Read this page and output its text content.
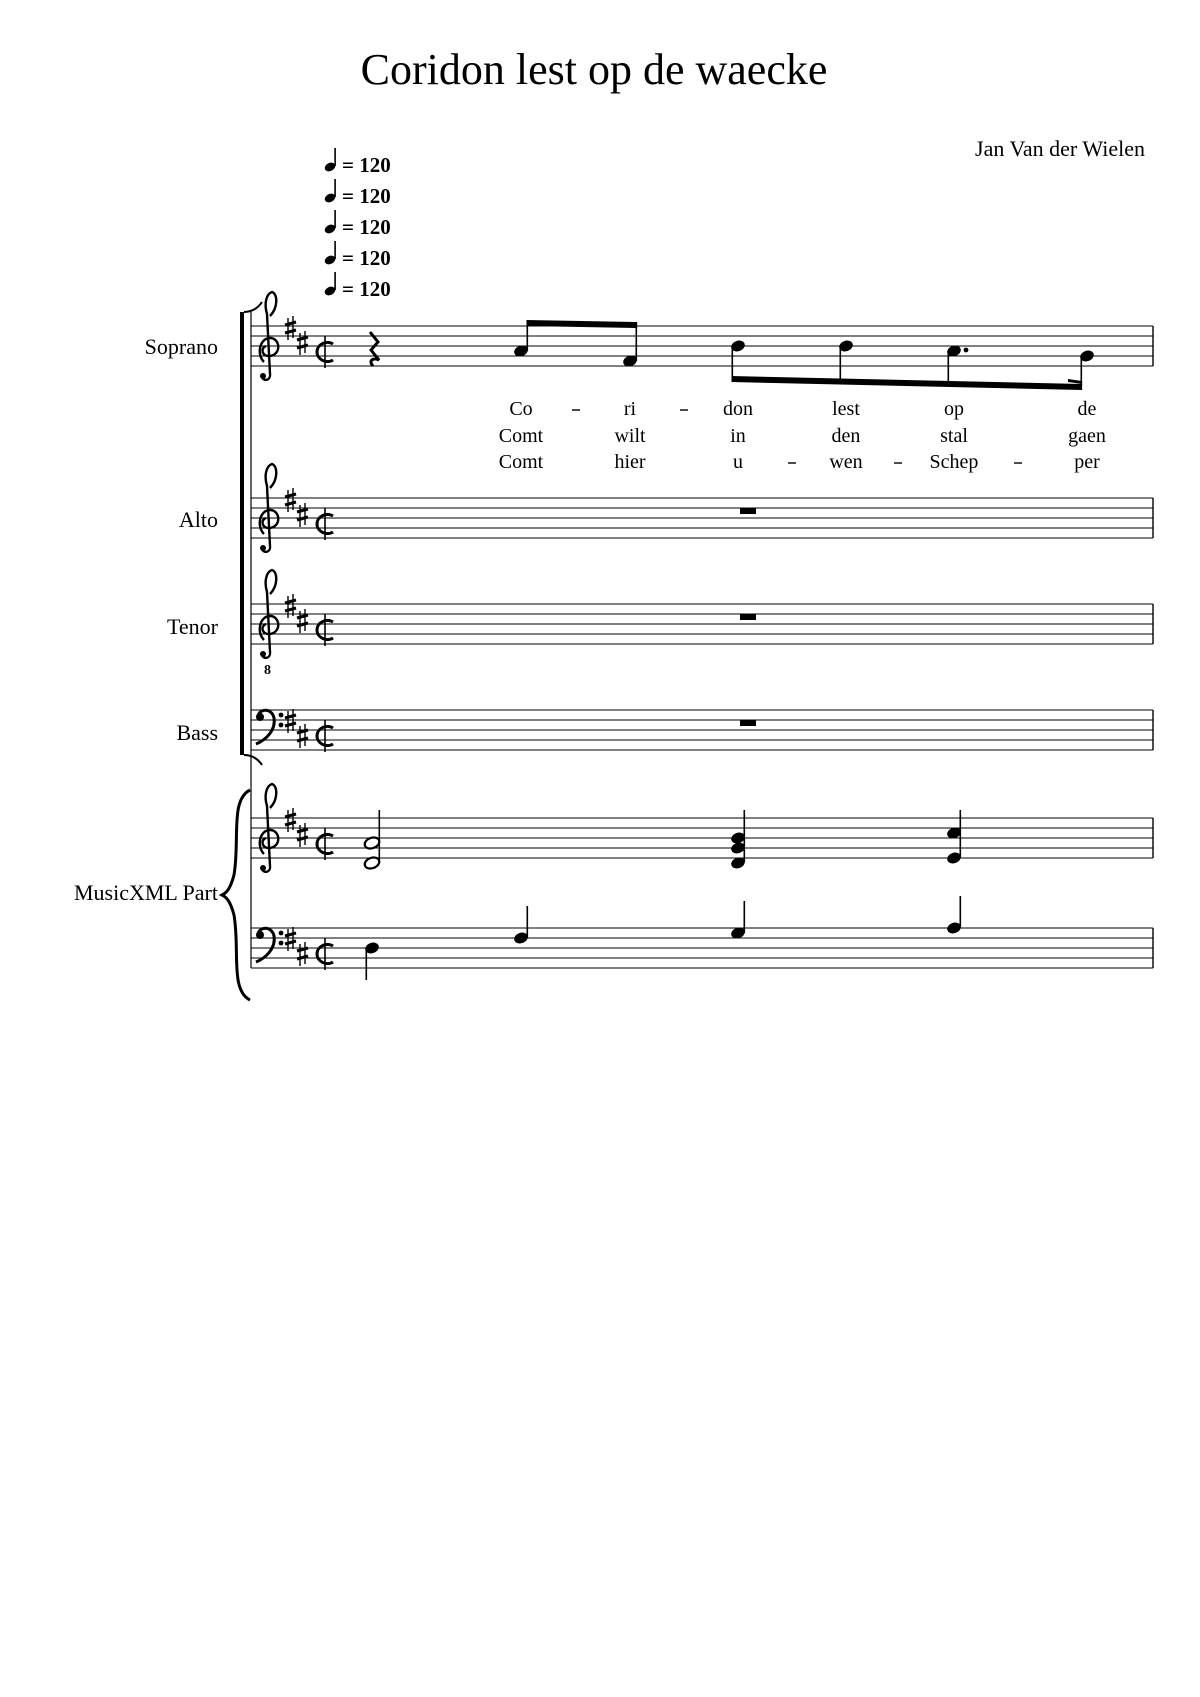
Coridon lest op de waecke
Jan Van der Wielen
= 120
= 120
= 120
= 120
= 120
Soprano
Alto
Tenor
Bass
MusicXML Part
Co	ri	don	lest	op	de
Comt	wilt	in	den	stal	gaen
Comt	hier	u	wen	Schep	per
8
